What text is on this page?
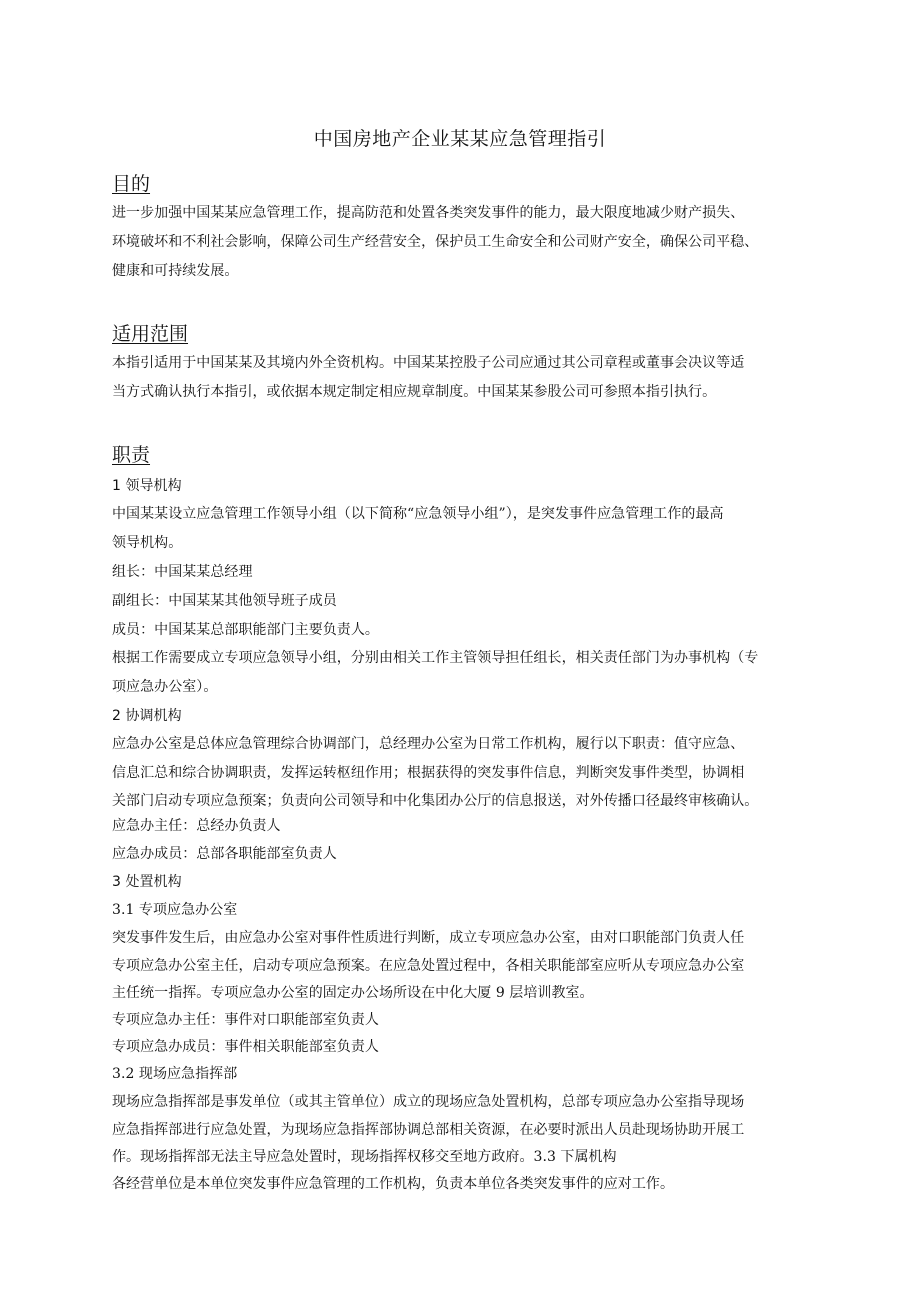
中国房地产企业某某应急管理指引
目的
进一步加强中国某某应急管理工作，提高防范和处置各类突发事件的能力，最大限度地减少财产损失、
环境破坏和不利社会影响，保障公司生产经营安全，保护员工生命安全和公司财产安全，确保公司平稳、
健康和可持续发展。
适用范围
本指引适用于中国某某及其境内外全资机构。中国某某控股子公司应通过其公司章程或董事会决议等适
当方式确认执行本指引，或依据本规定制定相应规章制度。中国某某参股公司可参照本指引执行。
职责
1 领导机构
中国某某设立应急管理工作领导小组（以下简称“应急领导小组”），是突发事件应急管理工作的最高
领导机构。
组长：中国某某总经理
副组长：中国某某其他领导班子成员
成员：中国某某总部职能部门主要负责人。
根据工作需要成立专项应急领导小组，分别由相关工作主管领导担任组长，相关责任部门为办事机构（专
项应急办公室）。
2 协调机构
应急办公室是总体应急管理综合协调部门，总经理办公室为日常工作机构，履行以下职责：值守应急、
信息汇总和综合协调职责，发挥运转枢纽作用；根据获得的突发事件信息，判断突发事件类型，协调相
关部门启动专项应急预案；负责向公司领导和中化集团办公厅的信息报送，对外传播口径最终审核确认。
应急办主任：总经办负责人
应急办成员：总部各职能部室负责人
3 处置机构
3.1 专项应急办公室
突发事件发生后，由应急办公室对事件性质进行判断，成立专项应急办公室，由对口职能部门负责人任
专项应急办公室主任，启动专项应急预案。在应急处置过程中，各相关职能部室应听从专项应急办公室
主任统一指挥。专项应急办公室的固定办公场所设在中化大厦 9 层培训教室。
专项应急办主任：事件对口职能部室负责人
专项应急办成员：事件相关职能部室负责人
3.2 现场应急指挥部
现场应急指挥部是事发单位（或其主管单位）成立的现场应急处置机构，总部专项应急办公室指导现场
应急指挥部进行应急处置，为现场应急指挥部协调总部相关资源，在必要时派出人员赴现场协助开展工
作。现场指挥部无法主导应急处置时，现场指挥权移交至地方政府。3.3 下属机构
各经营单位是本单位突发事件应急管理的工作机构，负责本单位各类突发事件的应对工作。
